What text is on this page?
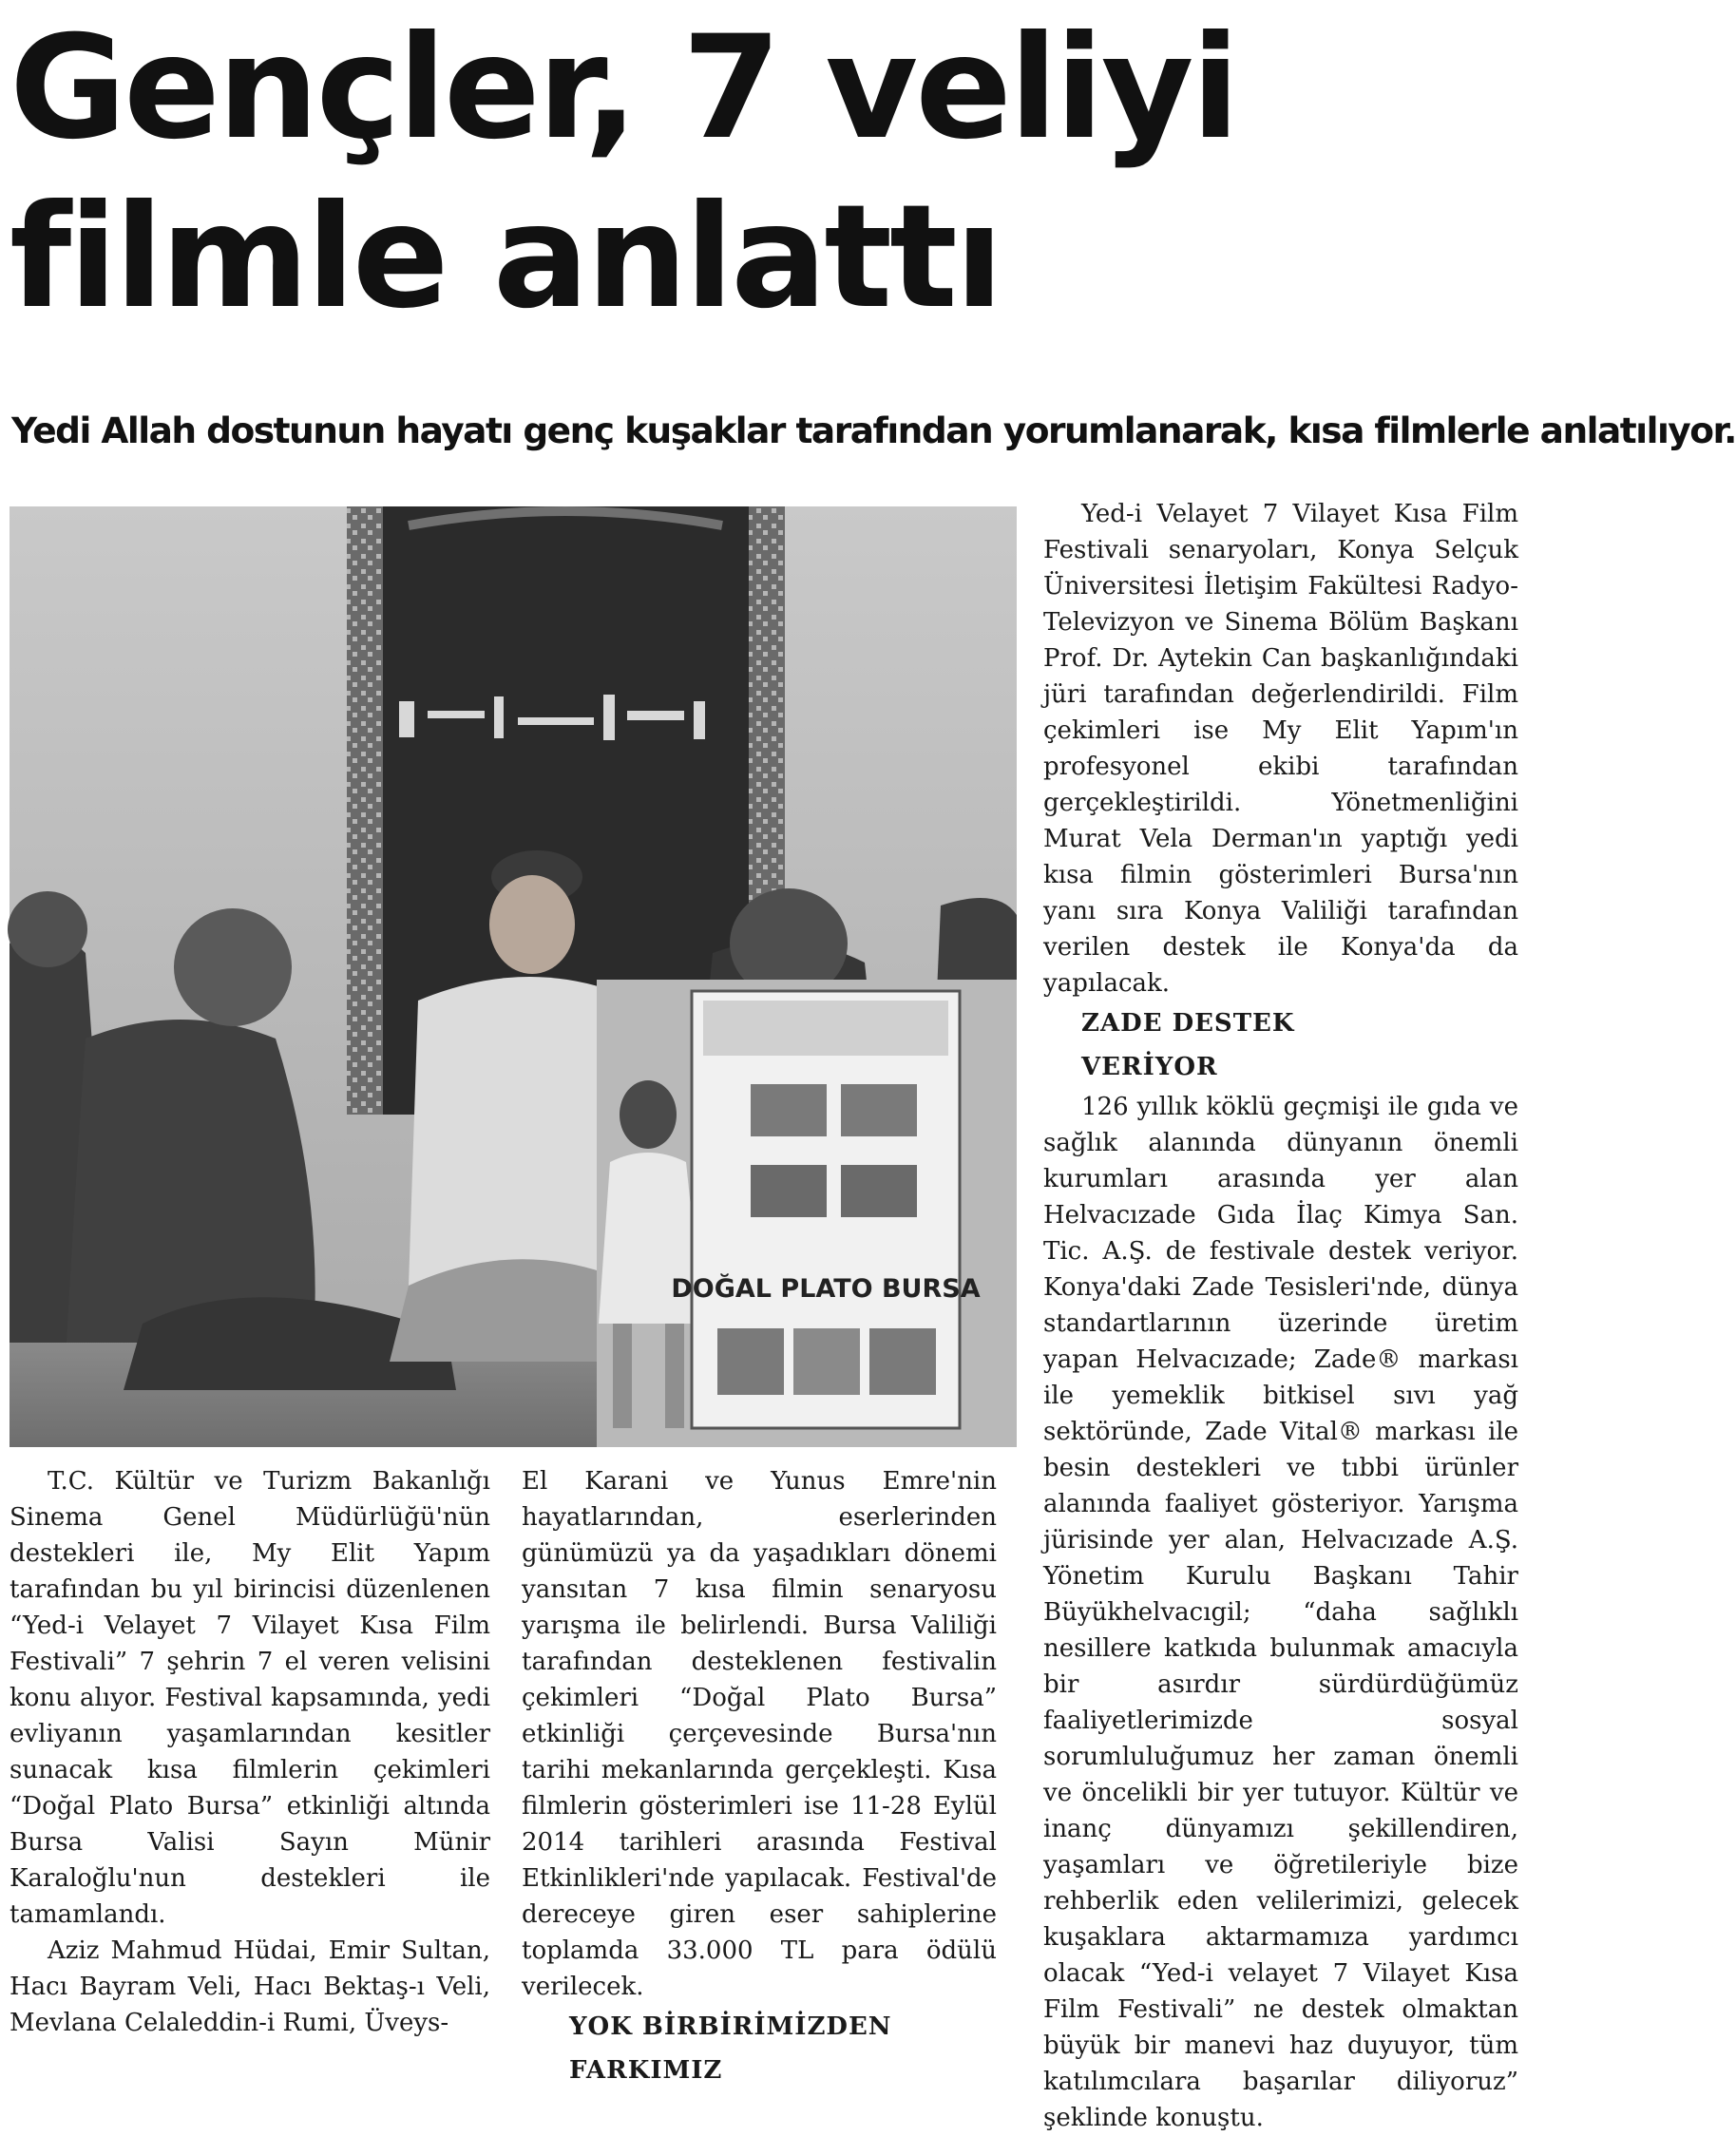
Gençler, 7 veliyi
filmle anlattı
Yedi Allah dostunun hayatı genç kuşaklar tarafından yorumlanarak, kısa filmlerle anlatılıyor.
DOĞAL PLATO BURSA

Yed-i Velayet 7 Vilayet Kısa Film Festivali senaryoları, Konya Selçuk Üniversitesi İletişim Fakültesi Radyo-Televizyon ve Sinema Bölüm Başkanı Prof. Dr. Aytekin Can başkanlığındaki jüri tarafından değerlendirildi. Film çekimleri ise My Elit Yapım'ın profesyonel ekibi tarafından gerçekleştirildi. Yönetmenliğini Murat Vela Derman'ın yaptığı yedi kısa filmin gösterimleri Bursa'nın yanı sıra Konya Valiliği tarafından verilen destek ile Konya'da da yapılacak.

ZADE DESTEK
VERİYOR

126 yıllık köklü geçmişi ile gıda ve sağlık alanında dünyanın önemli kurumları arasında yer alan Helvacızade Gıda İlaç Kimya San. Tic. A.Ş. de festivale destek veriyor. Konya'daki Zade Tesisleri'nde, dünya standartlarının üzerinde üretim yapan Helvacızade; Zade® markası ile yemeklik bitkisel sıvı yağ sektöründe, Zade Vital® markası ile besin destekleri ve tıbbi ürünler alanında faaliyet gösteriyor. Yarışma jürisinde yer alan, Helvacızade A.Ş. Yönetim Kurulu Başkanı Tahir Büyükhelvacıgil; “daha sağlıklı nesillere katkıda bulunmak amacıyla bir asırdır sürdürdüğümüz faaliyetlerimizde sosyal sorumluluğumuz her zaman önemli ve öncelikli bir yer tutuyor. Kültür ve inanç dünyamızı şekillendiren, yaşamları ve öğretileriyle bize rehberlik eden velilerimizi, gelecek kuşaklara aktarmamıza yardımcı olacak “Yed-i velayet 7 Vilayet Kısa Film Festivali” ne destek olmaktan büyük bir manevi haz duyuyor, tüm katılımcılara başarılar diliyoruz” şeklinde konuştu.

T.C. Kültür ve Turizm Bakanlığı Sinema Genel Müdürlüğü'nün destekleri ile, My Elit Yapım tarafından bu yıl birincisi düzenlenen “Yed-i Velayet 7 Vilayet Kısa Film Festivali” 7 şehrin 7 el veren velisini konu alıyor. Festival kapsamında, yedi evliyanın yaşamlarından kesitler sunacak kısa filmlerin çekimleri “Doğal Plato Bursa” etkinliği altında Bursa Valisi Sayın Münir Karaloğlu'nun destekleri ile tamamlandı.

Aziz Mahmud Hüdai, Emir Sultan, Hacı Bayram Veli, Hacı Bektaş-ı Veli, Mevlana Celaleddin-i Rumi, Üveys-

El Karani ve Yunus Emre'nin hayatlarından, eserlerinden günümüzü ya da yaşadıkları dönemi yansıtan 7 kısa filmin senaryosu yarışma ile belirlendi. Bursa Valiliği tarafından desteklenen festivalin çekimleri “Doğal Plato Bursa” etkinliği çerçevesinde Bursa'nın tarihi mekanlarında gerçekleşti. Kısa filmlerin gösterimleri ise 11-28 Eylül 2014 tarihleri arasında Festival Etkinlikleri'nde yapılacak. Festival'de dereceye giren eser sahiplerine toplamda 33.000 TL para ödülü verilecek.

YOK BİRBİRİMİZDEN
FARKIMIZ
